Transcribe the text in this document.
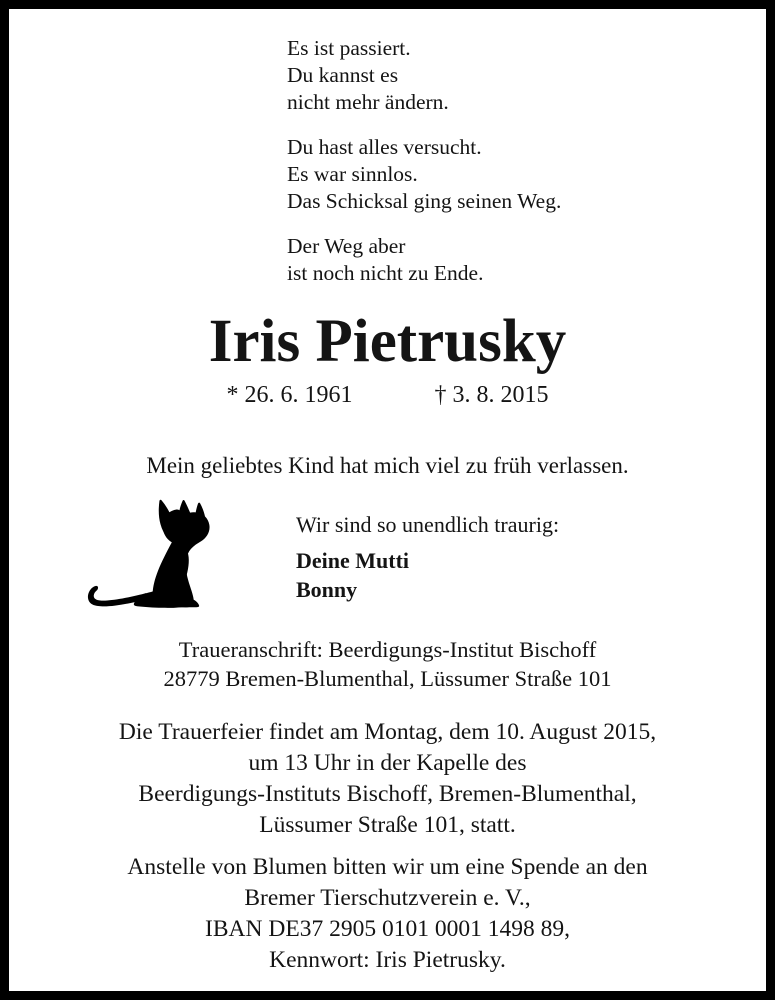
Es ist passiert.
Du kannst es
nicht mehr ändern.
Du hast alles versucht.
Es war sinnlos.
Das Schicksal ging seinen Weg.
Der Weg aber
ist noch nicht zu Ende.
Iris Pietrusky
* 26. 6. 1961	† 3. 8. 2015
Mein geliebtes Kind hat mich viel zu früh verlassen.
Wir sind so unendlich traurig:
Deine Mutti
Bonny
Traueranschrift: Beerdigungs-Institut Bischoff
28779 Bremen-Blumenthal, Lüssumer Straße 101
Die Trauerfeier findet am Montag, dem 10. August 2015,
um 13 Uhr in der Kapelle des
Beerdigungs-Instituts Bischoff, Bremen-Blumenthal,
Lüssumer Straße 101, statt.
Anstelle von Blumen bitten wir um eine Spende an den
Bremer Tierschutzverein e. V.,
IBAN DE37 2905 0101 0001 1498 89,
Kennwort: Iris Pietrusky.
